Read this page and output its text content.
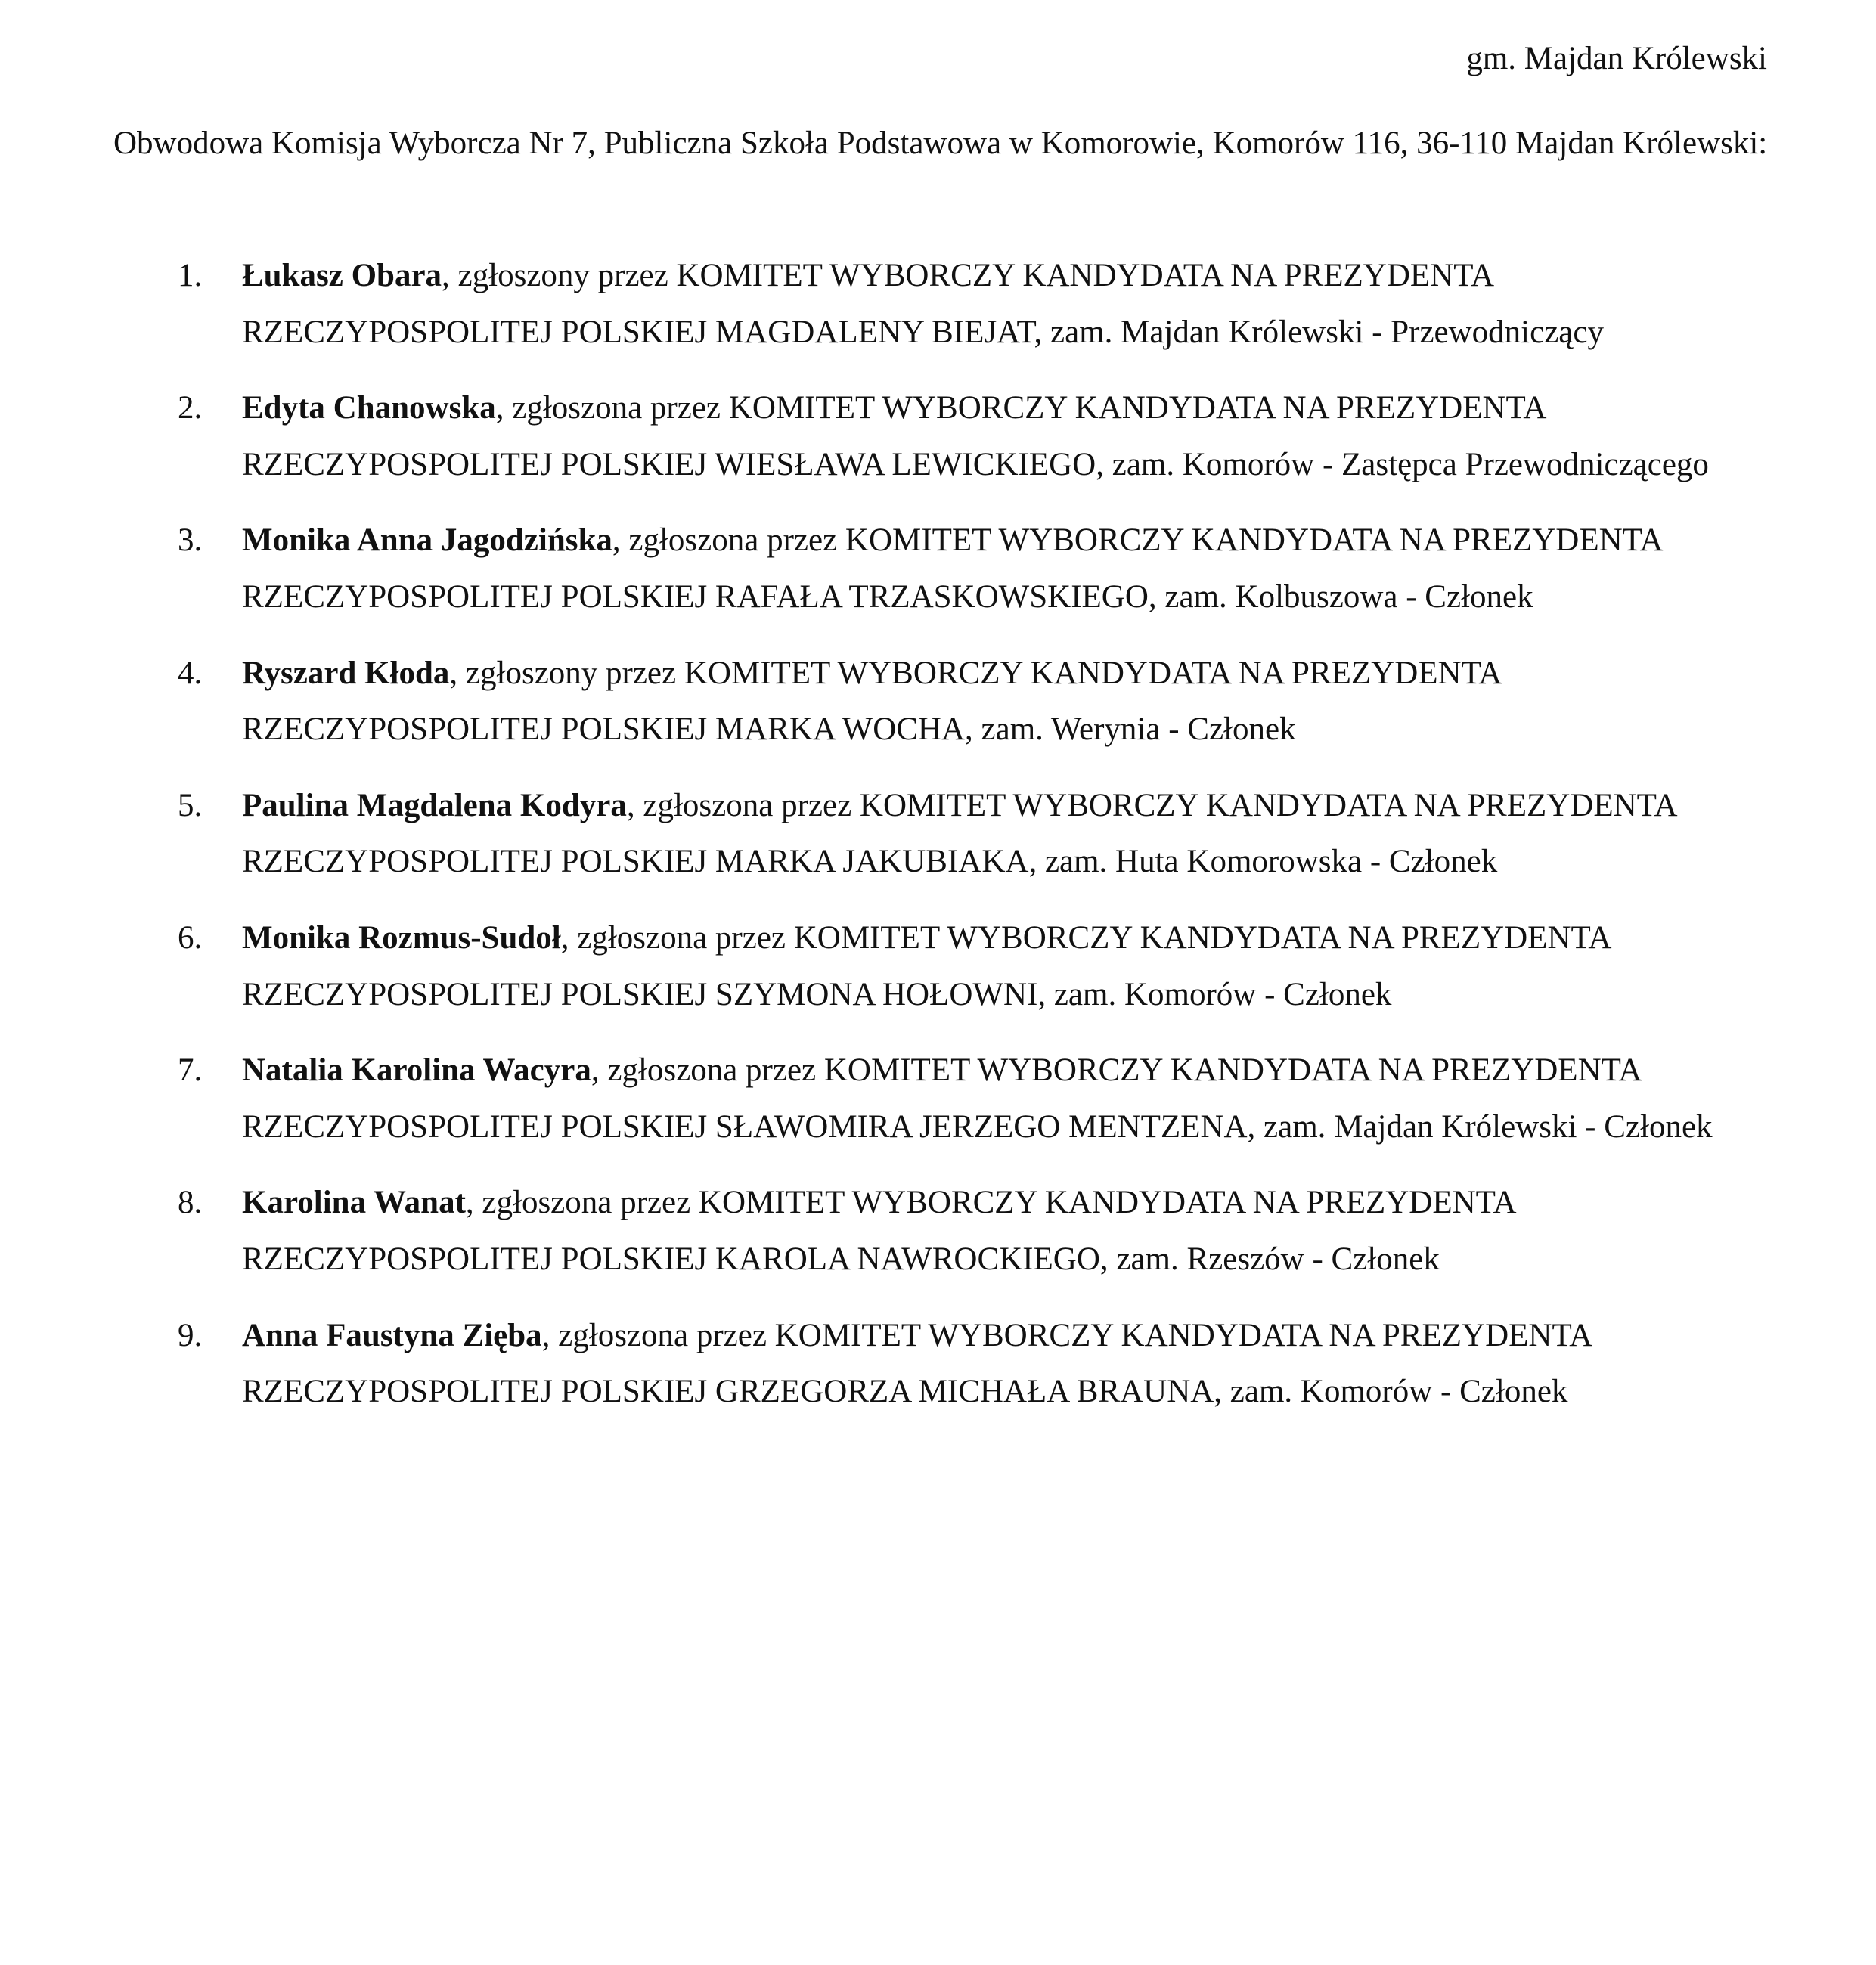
gm. Majdan Królewski
Obwodowa Komisja Wyborcza Nr 7, Publiczna Szkoła Podstawowa w Komorowie, Komorów 116, 36-110 Majdan Królewski:
1. Łukasz Obara, zgłoszony przez KOMITET WYBORCZY KANDYDATA NA PREZYDENTA RZECZYPOSPOLITEJ POLSKIEJ MAGDALENY BIEJAT, zam. Majdan Królewski - Przewodniczący
2. Edyta Chanowska, zgłoszona przez KOMITET WYBORCZY KANDYDATA NA PREZYDENTA RZECZYPOSPOLITEJ POLSKIEJ WIESŁAWA LEWICKIEGO, zam. Komorów - Zastępca Przewodniczącego
3. Monika Anna Jagodzińska, zgłoszona przez KOMITET WYBORCZY KANDYDATA NA PREZYDENTA RZECZYPOSPOLITEJ POLSKIEJ RAFAŁA TRZASKOWSKIEGO, zam. Kolbuszowa - Członek
4. Ryszard Kłoda, zgłoszony przez KOMITET WYBORCZY KANDYDATA NA PREZYDENTA RZECZYPOSPOLITEJ POLSKIEJ MARKA WOCHA, zam. Werynia - Członek
5. Paulina Magdalena Kodyra, zgłoszona przez KOMITET WYBORCZY KANDYDATA NA PREZYDENTA RZECZYPOSPOLITEJ POLSKIEJ MARKA JAKUBIAKA, zam. Huta Komorowska - Członek
6. Monika Rozmus-Sudoł, zgłoszona przez KOMITET WYBORCZY KANDYDATA NA PREZYDENTA RZECZYPOSPOLITEJ POLSKIEJ SZYMONA HOŁOWNI, zam. Komorów - Członek
7. Natalia Karolina Wacyra, zgłoszona przez KOMITET WYBORCZY KANDYDATA NA PREZYDENTA RZECZYPOSPOLITEJ POLSKIEJ SŁAWOMIRA JERZEGO MENTZENA, zam. Majdan Królewski - Członek
8. Karolina Wanat, zgłoszona przez KOMITET WYBORCZY KANDYDATA NA PREZYDENTA RZECZYPOSPOLITEJ POLSKIEJ KAROLA NAWROCKIEGO, zam. Rzeszów - Członek
9. Anna Faustyna Zięba, zgłoszona przez KOMITET WYBORCZY KANDYDATA NA PREZYDENTA RZECZYPOSPOLITEJ POLSKIEJ GRZEGORZA MICHAŁA BRAUNA, zam. Komorów - Członek
